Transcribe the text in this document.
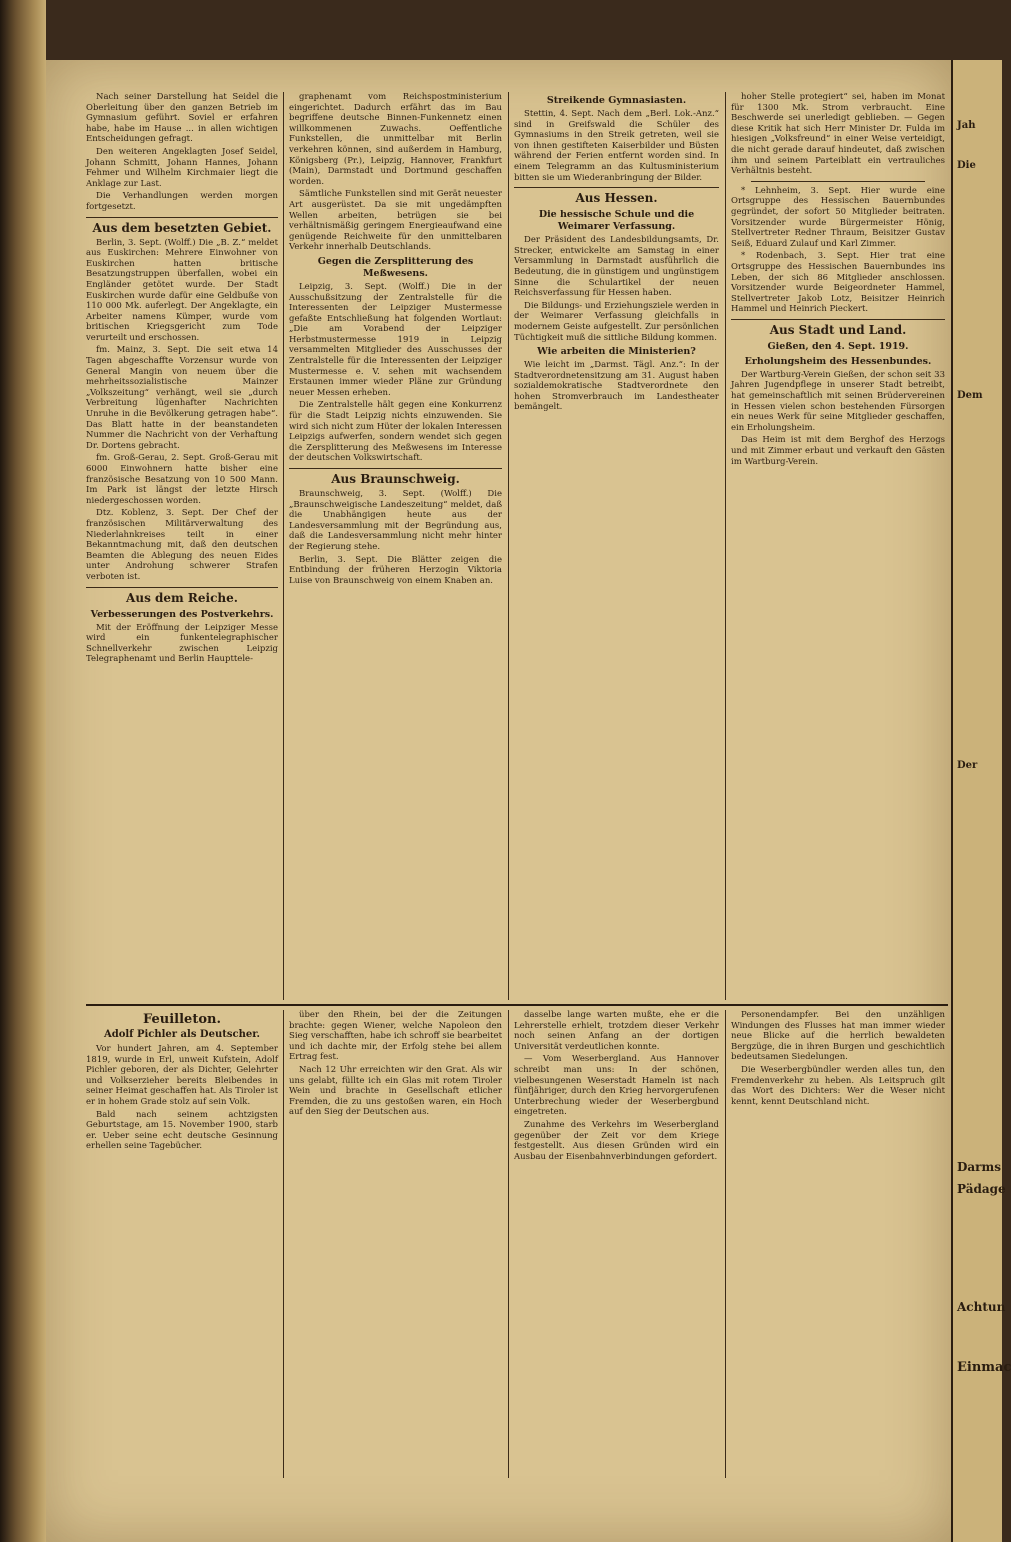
Nach seiner Darstellung hat Seidel die Oberleitung über den ganzen Betrieb im Gymnasium geführt. Soviel er erfahren habe, habe im Hause ... in allen wichtigen Entscheidungen gefragt.

Den weiteren Angeklagten Josef Seidel, Johann Schmitt, Johann Hannes, Johann Fehmer und Wilhelm Kirchmaier liegt die Anklage zur Last.

Die Verhandlungen werden morgen fortgesetzt.

Aus dem besetzten Gebiet.

Berlin, 3. Sept. (Wolff.) Die „B. Z.“ meldet aus Euskirchen: Mehrere Einwohner von Euskirchen hatten britische Besatzungstruppen überfallen, wobei ein Engländer getötet wurde. Der Stadt Euskirchen wurde dafür eine Geldbuße von 110 000 Mk. auferlegt. Der Angeklagte, ein Arbeiter namens Kümper, wurde vom britischen Kriegsgericht zum Tode verurteilt und erschossen.

fm. Mainz, 3. Sept. Die seit etwa 14 Tagen abgeschaffte Vorzensur wurde von General Mangin von neuem über die mehrheitssozialistische Mainzer „Volkszeitung“ verhängt, weil sie „durch Verbreitung lügenhafter Nachrichten Unruhe in die Bevölkerung getragen habe“. Das Blatt hatte in der beanstandeten Nummer die Nachricht von der Verhaftung Dr. Dortens gebracht.

fm. Groß-Gerau, 2. Sept. Groß-Gerau mit 6000 Einwohnern hatte bisher eine französische Besatzung von 10 500 Mann. Im Park ist längst der letzte Hirsch niedergeschossen worden.

Dtz. Koblenz, 3. Sept. Der Chef der französischen Militärverwaltung des Niederlahnkreises teilt in einer Bekanntmachung mit, daß den deutschen Beamten die Ablegung des neuen Eides unter Androhung schwerer Strafen verboten ist.

Aus dem Reiche.
Verbesserungen des Postverkehrs.

Mit der Eröffnung der Leipziger Messe wird ein funkentelegraphischer Schnellverkehr zwischen Leipzig Telegraphenamt und Berlin Haupttele-

graphenamt vom Reichspostministerium eingerichtet. Dadurch erfährt das im Bau begriffene deutsche Binnen-Funkennetz einen willkommenen Zuwachs. Oeffentliche Funkstellen, die unmittelbar mit Berlin verkehren können, sind außerdem in Hamburg, Königsberg (Pr.), Leipzig, Hannover, Frankfurt (Main), Darmstadt und Dortmund geschaffen worden.

Sämtliche Funkstellen sind mit Gerät neuester Art ausgerüstet. Da sie mit ungedämpften Wellen arbeiten, betrügen sie bei verhältnismäßig geringem Energieaufwand eine genügende Reichweite für den unmittelbaren Verkehr innerhalb Deutschlands.

Gegen die Zersplitterung des Meßwesens.

Leipzig, 3. Sept. (Wolff.) Die in der Ausschußsitzung der Zentralstelle für die Interessenten der Leipziger Mustermesse gefaßte Entschließung hat folgenden Wortlaut: „Die am Vorabend der Leipziger Herbstmustermesse 1919 in Leipzig versammelten Mitglieder des Ausschusses der Zentralstelle für die Interessenten der Leipziger Mustermesse e. V. sehen mit wachsendem Erstaunen immer wieder Pläne zur Gründung neuer Messen erheben.

Die Zentralstelle hält gegen eine Konkurrenz für die Stadt Leipzig nichts einzuwenden. Sie wird sich nicht zum Hüter der lokalen Interessen Leipzigs aufwerfen, sondern wendet sich gegen die Zersplitterung des Meßwesens im Interesse der deutschen Volkswirtschaft.

Aus Braunschweig.

Braunschweig, 3. Sept. (Wolff.) Die „Braunschweigische Landeszeitung“ meldet, daß die Unabhängigen heute aus der Landesversammlung mit der Begründung aus, daß die Landesversammlung nicht mehr hinter der Regierung stehe.

Berlin, 3. Sept. Die Blätter zeigen die Entbindung der früheren Herzogin Viktoria Luise von Braunschweig von einem Knaben an.

Streikende Gymnasiasten.

Stettin, 4. Sept. Nach dem „Berl. Lok.-Anz.“ sind in Greifswald die Schüler des Gymnasiums in den Streik getreten, weil sie von ihnen gestifteten Kaiserbilder und Büsten während der Ferien entfernt worden sind. In einem Telegramm an das Kultusministerium bitten sie um Wiederanbringung der Bilder.

Aus Hessen.
Die hessische Schule und die Weimarer Verfassung.

Der Präsident des Landesbildungsamts, Dr. Strecker, entwickelte am Samstag in einer Versammlung in Darmstadt ausführlich die Bedeutung, die in günstigem und ungünstigem Sinne die Schulartikel der neuen Reichsverfassung für Hessen haben.

Die Bildungs- und Erziehungsziele werden in der Weimarer Verfassung gleichfalls in modernem Geiste aufgestellt. Zur persönlichen Tüchtigkeit muß die sittliche Bildung kommen.

Wie arbeiten die Ministerien?

Wie leicht im „Darmst. Tägl. Anz.“: In der Stadtverordnetensitzung am 31. August haben sozialdemokratische Stadtverordnete den hohen Stromverbrauch im Landestheater bemängelt.

hoher Stelle protegiert“ sei, haben im Monat für 1300 Mk. Strom verbraucht. Eine Beschwerde sei unerledigt geblieben. — Gegen diese Kritik hat sich Herr Minister Dr. Fulda im hiesigen „Volksfreund“ in einer Weise verteidigt, die nicht gerade darauf hindeutet, daß zwischen ihm und seinem Parteiblatt ein vertrauliches Verhältnis besteht.

* Lehnheim, 3. Sept. Hier wurde eine Ortsgruppe des Hessischen Bauernbundes gegründet, der sofort 50 Mitglieder beitraten. Vorsitzender wurde Bürgermeister Hönig, Stellvertreter Redner Thraum, Beisitzer Gustav Seiß, Eduard Zulauf und Karl Zimmer.

* Rodenbach, 3. Sept. Hier trat eine Ortsgruppe des Hessischen Bauernbundes ins Leben, der sich 86 Mitglieder anschlossen. Vorsitzender wurde Beigeordneter Hammel, Stellvertreter Jakob Lotz, Beisitzer Heinrich Hammel und Heinrich Pieckert.

Aus Stadt und Land.
Gießen, den 4. Sept. 1919.
Erholungsheim des Hessenbundes.

Der Wartburg-Verein Gießen, der schon seit 33 Jahren Jugendpflege in unserer Stadt betreibt, hat gemeinschaftlich mit seinen Brüdervereinen in Hessen vielen schon bestehenden Fürsorgen ein neues Werk für seine Mitglieder geschaffen, ein Erholungsheim.

Das Heim ist mit dem Berghof des Herzogs und mit Zimmer erbaut und verkauft den Gästen im Wartburg-Verein.

Feuilleton.
Adolf Pichler als Deutscher.

Vor hundert Jahren, am 4. September 1819, wurde in Erl, unweit Kufstein, Adolf Pichler geboren, der als Dichter, Gelehrter und Volkserzieher bereits Bleibendes in seiner Heimat geschaffen hat. Als Tiroler ist er in hohem Grade stolz auf sein Volk.

Bald nach seinem achtzigsten Geburtstage, am 15. November 1900, starb er. Ueber seine echt deutsche Gesinnung erhellen seine Tagebücher.

über den Rhein, bei der die Zeitungen brachte: gegen Wiener, welche Napoleon den Sieg verschafften, habe ich schroff sie bearbeitet und ich dachte mir, der Erfolg stehe bei allem Ertrag fest.

Nach 12 Uhr erreichten wir den Grat. Als wir uns gelabt, füllte ich ein Glas mit rotem Tiroler Wein und brachte in Gesellschaft etlicher Fremden, die zu uns gestoßen waren, ein Hoch auf den Sieg der Deutschen aus.

dasselbe lange warten mußte, ehe er die Lehrerstelle erhielt, trotzdem dieser Verkehr noch seinen Anfang an der dortigen Universität verdeutlichen konnte.

— Vom Weserbergland. Aus Hannover schreibt man uns: In der schönen, vielbesungenen Weserstadt Hameln ist nach fünfjähriger, durch den Krieg hervorgerufenen Unterbrechung wieder der Weserbergbund eingetreten.

Zunahme des Verkehrs im Weserbergland gegenüber der Zeit vor dem Kriege festgestellt. Aus diesen Gründen wird ein Ausbau der Eisenbahnverbindungen gefordert.

Personendampfer. Bei den unzähligen Windungen des Flusses hat man immer wieder neue Blicke auf die herrlich bewaldeten Bergzüge, die in ihren Burgen und geschichtlich bedeutsamen Siedelungen.

Die Weserbergbündler werden alles tun, den Fremdenverkehr zu heben. Als Leitspruch gilt das Wort des Dichters: Wer die Weser nicht kennt, kennt Deutschland nicht.

Jah
Die
Dem
Der
Darms
Pädage
Achtun
Einmac
